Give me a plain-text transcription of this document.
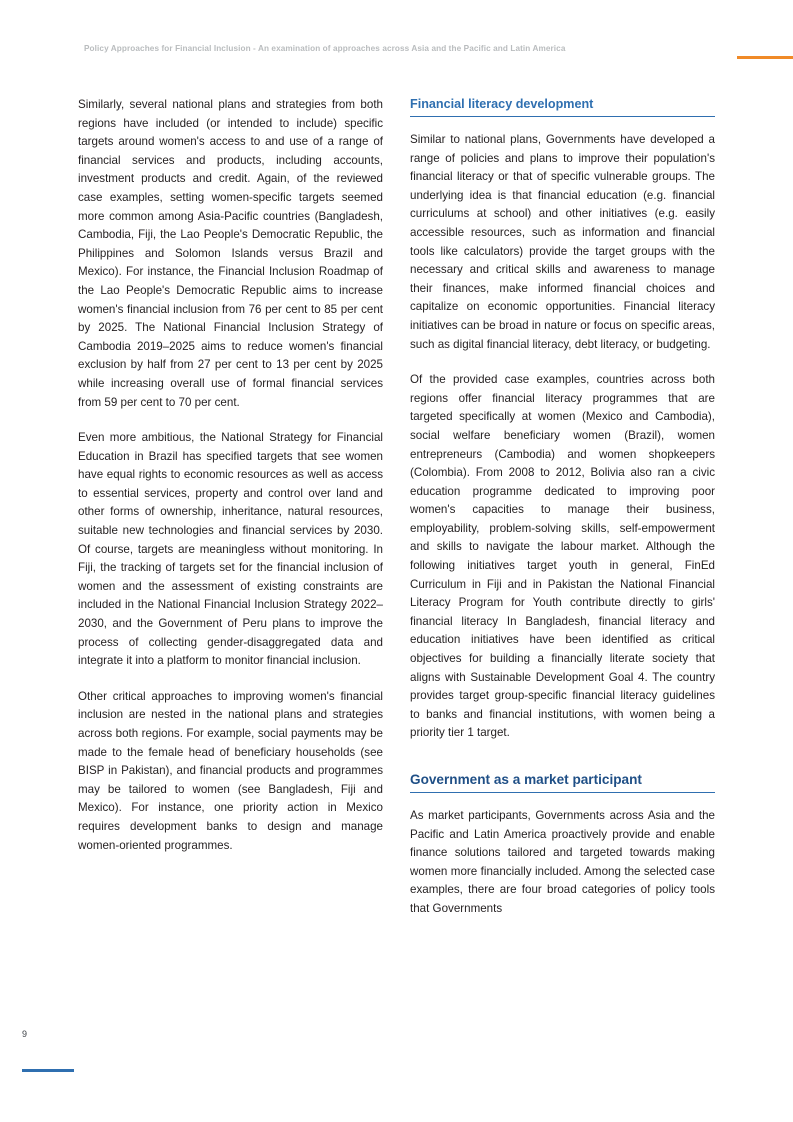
Policy Approaches for Financial Inclusion - An examination of approaches across Asia and the Pacific and Latin America
9

Similarly, several national plans and strategies from both regions have included (or intended to include) specific targets around women's access to and use of a range of financial services and products, including accounts, investment products and credit. Again, of the reviewed case examples, setting women-specific targets seemed more common among Asia-Pacific countries (Bangladesh, Cambodia, Fiji, the Lao People's Democratic Republic, the Philippines and Solomon Islands versus Brazil and Mexico). For instance, the Financial Inclusion Roadmap of the Lao People's Democratic Republic aims to increase women's financial inclusion from 76 per cent to 85 per cent by 2025. The National Financial Inclusion Strategy of Cambodia 2019–2025 aims to reduce women's financial exclusion by half from 27 per cent to 13 per cent by 2025 while increasing overall use of formal financial services from 59 per cent to 70 per cent.

Even more ambitious, the National Strategy for Financial Education in Brazil has specified targets that see women have equal rights to economic resources as well as access to essential services, property and control over land and other forms of ownership, inheritance, natural resources, suitable new technologies and financial services by 2030. Of course, targets are meaningless without monitoring. In Fiji, the tracking of targets set for the financial inclusion of women and the assessment of existing constraints are included in the National Financial Inclusion Strategy 2022–2030, and the Government of Peru plans to improve the process of collecting gender-disaggregated data and integrate it into a platform to monitor financial inclusion.

Other critical approaches to improving women's financial inclusion are nested in the national plans and strategies across both regions. For example, social payments may be made to the female head of beneficiary households (see BISP in Pakistan), and financial products and programmes may be tailored to women (see Bangladesh, Fiji and Mexico). For instance, one priority action in Mexico requires development banks to design and manage women-oriented programmes.

Financial literacy development

Similar to national plans, Governments have developed a range of policies and plans to improve their population's financial literacy or that of specific vulnerable groups. The underlying idea is that financial education (e.g. financial curriculums at school) and other initiatives (e.g. easily accessible resources, such as information and financial tools like calculators) provide the target groups with the necessary and critical skills and awareness to manage their finances, make informed financial choices and capitalize on economic opportunities. Financial literacy initiatives can be broad in nature or focus on specific areas, such as digital financial literacy, debt literacy, or budgeting.

Of the provided case examples, countries across both regions offer financial literacy programmes that are targeted specifically at women (Mexico and Cambodia), social welfare beneficiary women (Brazil), women entrepreneurs (Cambodia) and women shopkeepers (Colombia). From 2008 to 2012, Bolivia also ran a civic education programme dedicated to improving poor women's capacities to manage their business, employability, problem-solving skills, self-empowerment and skills to navigate the labour market. Although the following initiatives target youth in general, FinEd Curriculum in Fiji and in Pakistan the National Financial Literacy Program for Youth contribute directly to girls' financial literacy In Bangladesh, financial literacy and education initiatives have been identified as critical objectives for building a financially literate society that aligns with Sustainable Development Goal 4. The country provides target group-specific financial literacy guidelines to banks and financial institutions, with women being a priority tier 1 target.

Government as a market participant

As market participants, Governments across Asia and the Pacific and Latin America proactively provide and enable finance solutions tailored and targeted towards making women more financially included. Among the selected case examples, there are four broad categories of policy tools that Governments
